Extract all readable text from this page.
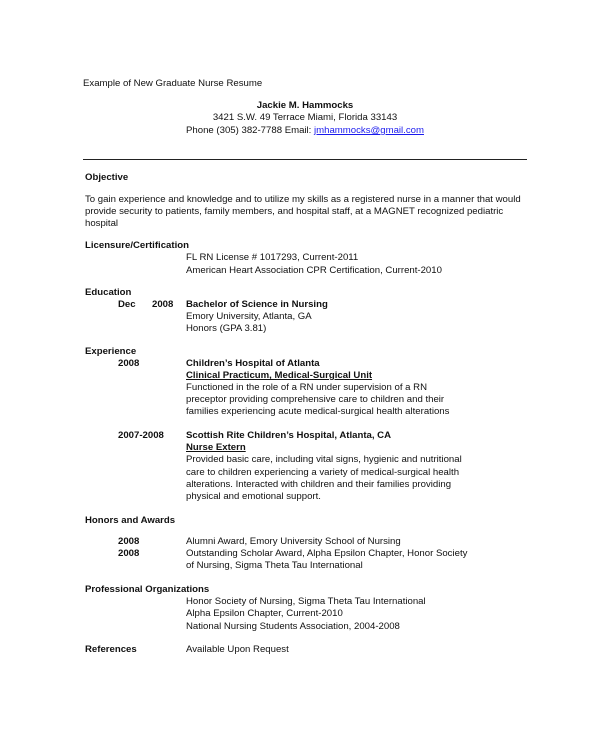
Example of New Graduate Nurse Resume
Jackie M. Hammocks
3421 S.W. 49 Terrace Miami, Florida 33143
Phone (305) 382-7788 Email: jmhammocks@gmail.com
Objective
To gain experience and knowledge and to utilize my skills as a registered nurse in a manner that would
provide security to patients, family members, and hospital staff, at a MAGNET recognized pediatric
hospital
Licensure/Certification
FL RN License # 1017293, Current-2011
American Heart Association CPR Certification, Current-2010
Education
Dec 2008 Bachelor of Science in Nursing
Emory University, Atlanta, GA
Honors (GPA 3.81)
Experience
2008	Children’s Hospital of Atlanta
Clinical Practicum, Medical-Surgical Unit
Functioned in the role of a RN under supervision of a RN
preceptor providing comprehensive care to children and their
families experiencing acute medical-surgical health alterations
2007-2008 Scottish Rite Children’s Hospital, Atlanta, CA
Nurse Extern
Provided basic care, including vital signs, hygienic and nutritional
care to children experiencing a variety of medical-surgical health
alterations. Interacted with children and their families providing
physical and emotional support.
Honors and Awards
2008	Alumni Award, Emory University School of Nursing
2008	Outstanding Scholar Award, Alpha Epsilon Chapter, Honor Society
of Nursing, Sigma Theta Tau International
Professional Organizations
Honor Society of Nursing, Sigma Theta Tau International
Alpha Epsilon Chapter, Current-2010
National Nursing Students Association, 2004-2008
References	Available Upon Request
